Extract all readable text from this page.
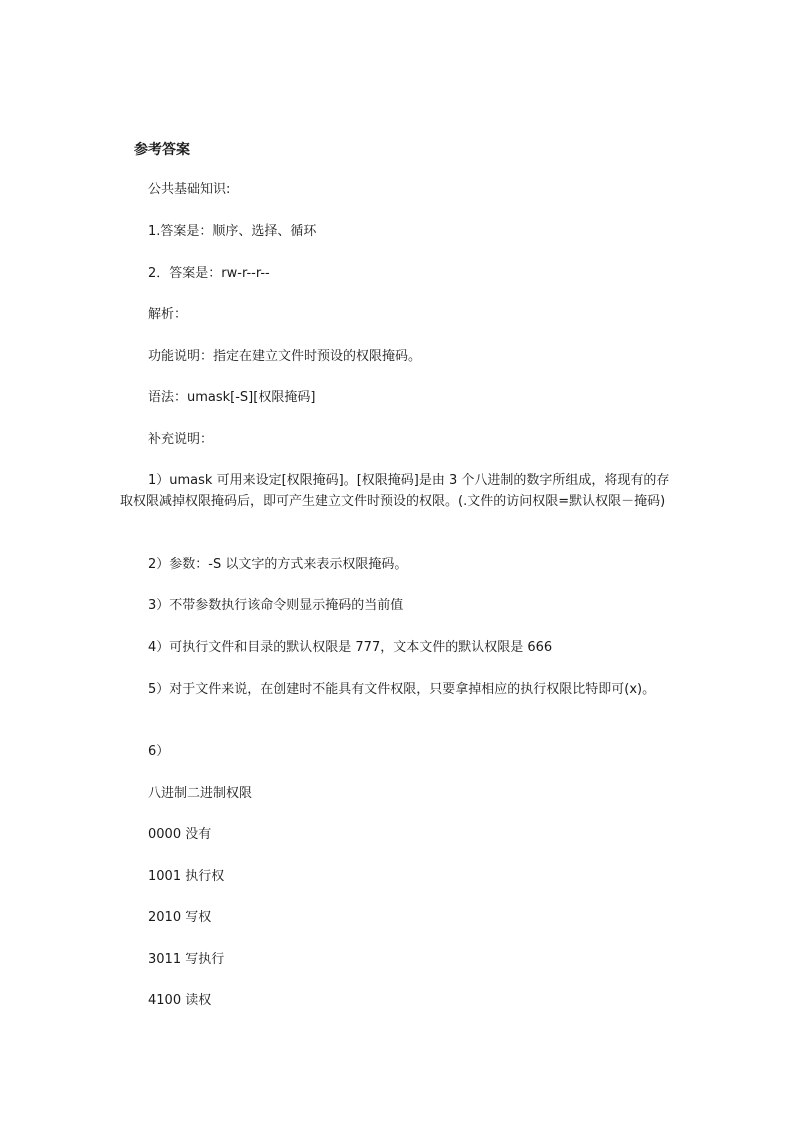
参考答案
公共基础知识:
1.答案是：顺序、选择、循环
2．答案是：rw-r--r--
解析：
功能说明：指定在建立文件时预设的权限掩码。
语法：umask[-S][权限掩码]
补充说明：
1）umask 可用来设定[权限掩码]。[权限掩码]是由 3 个八进制的数字所组成，将现有的存取权限减掉权限掩码后，即可产生建立文件时预设的权限。(.文件的访问权限=默认权限－掩码)
2）参数：-S 以文字的方式来表示权限掩码。
3）不带参数执行该命令则显示掩码的当前值
4）可执行文件和目录的默认权限是 777，文本文件的默认权限是 666
5）对于文件来说，在创建时不能具有文件权限，只要拿掉相应的执行权限比特即可(x)。
6）
八进制二进制权限
0000 没有
1001 执行权
2010 写权
3011 写执行
4100 读权
